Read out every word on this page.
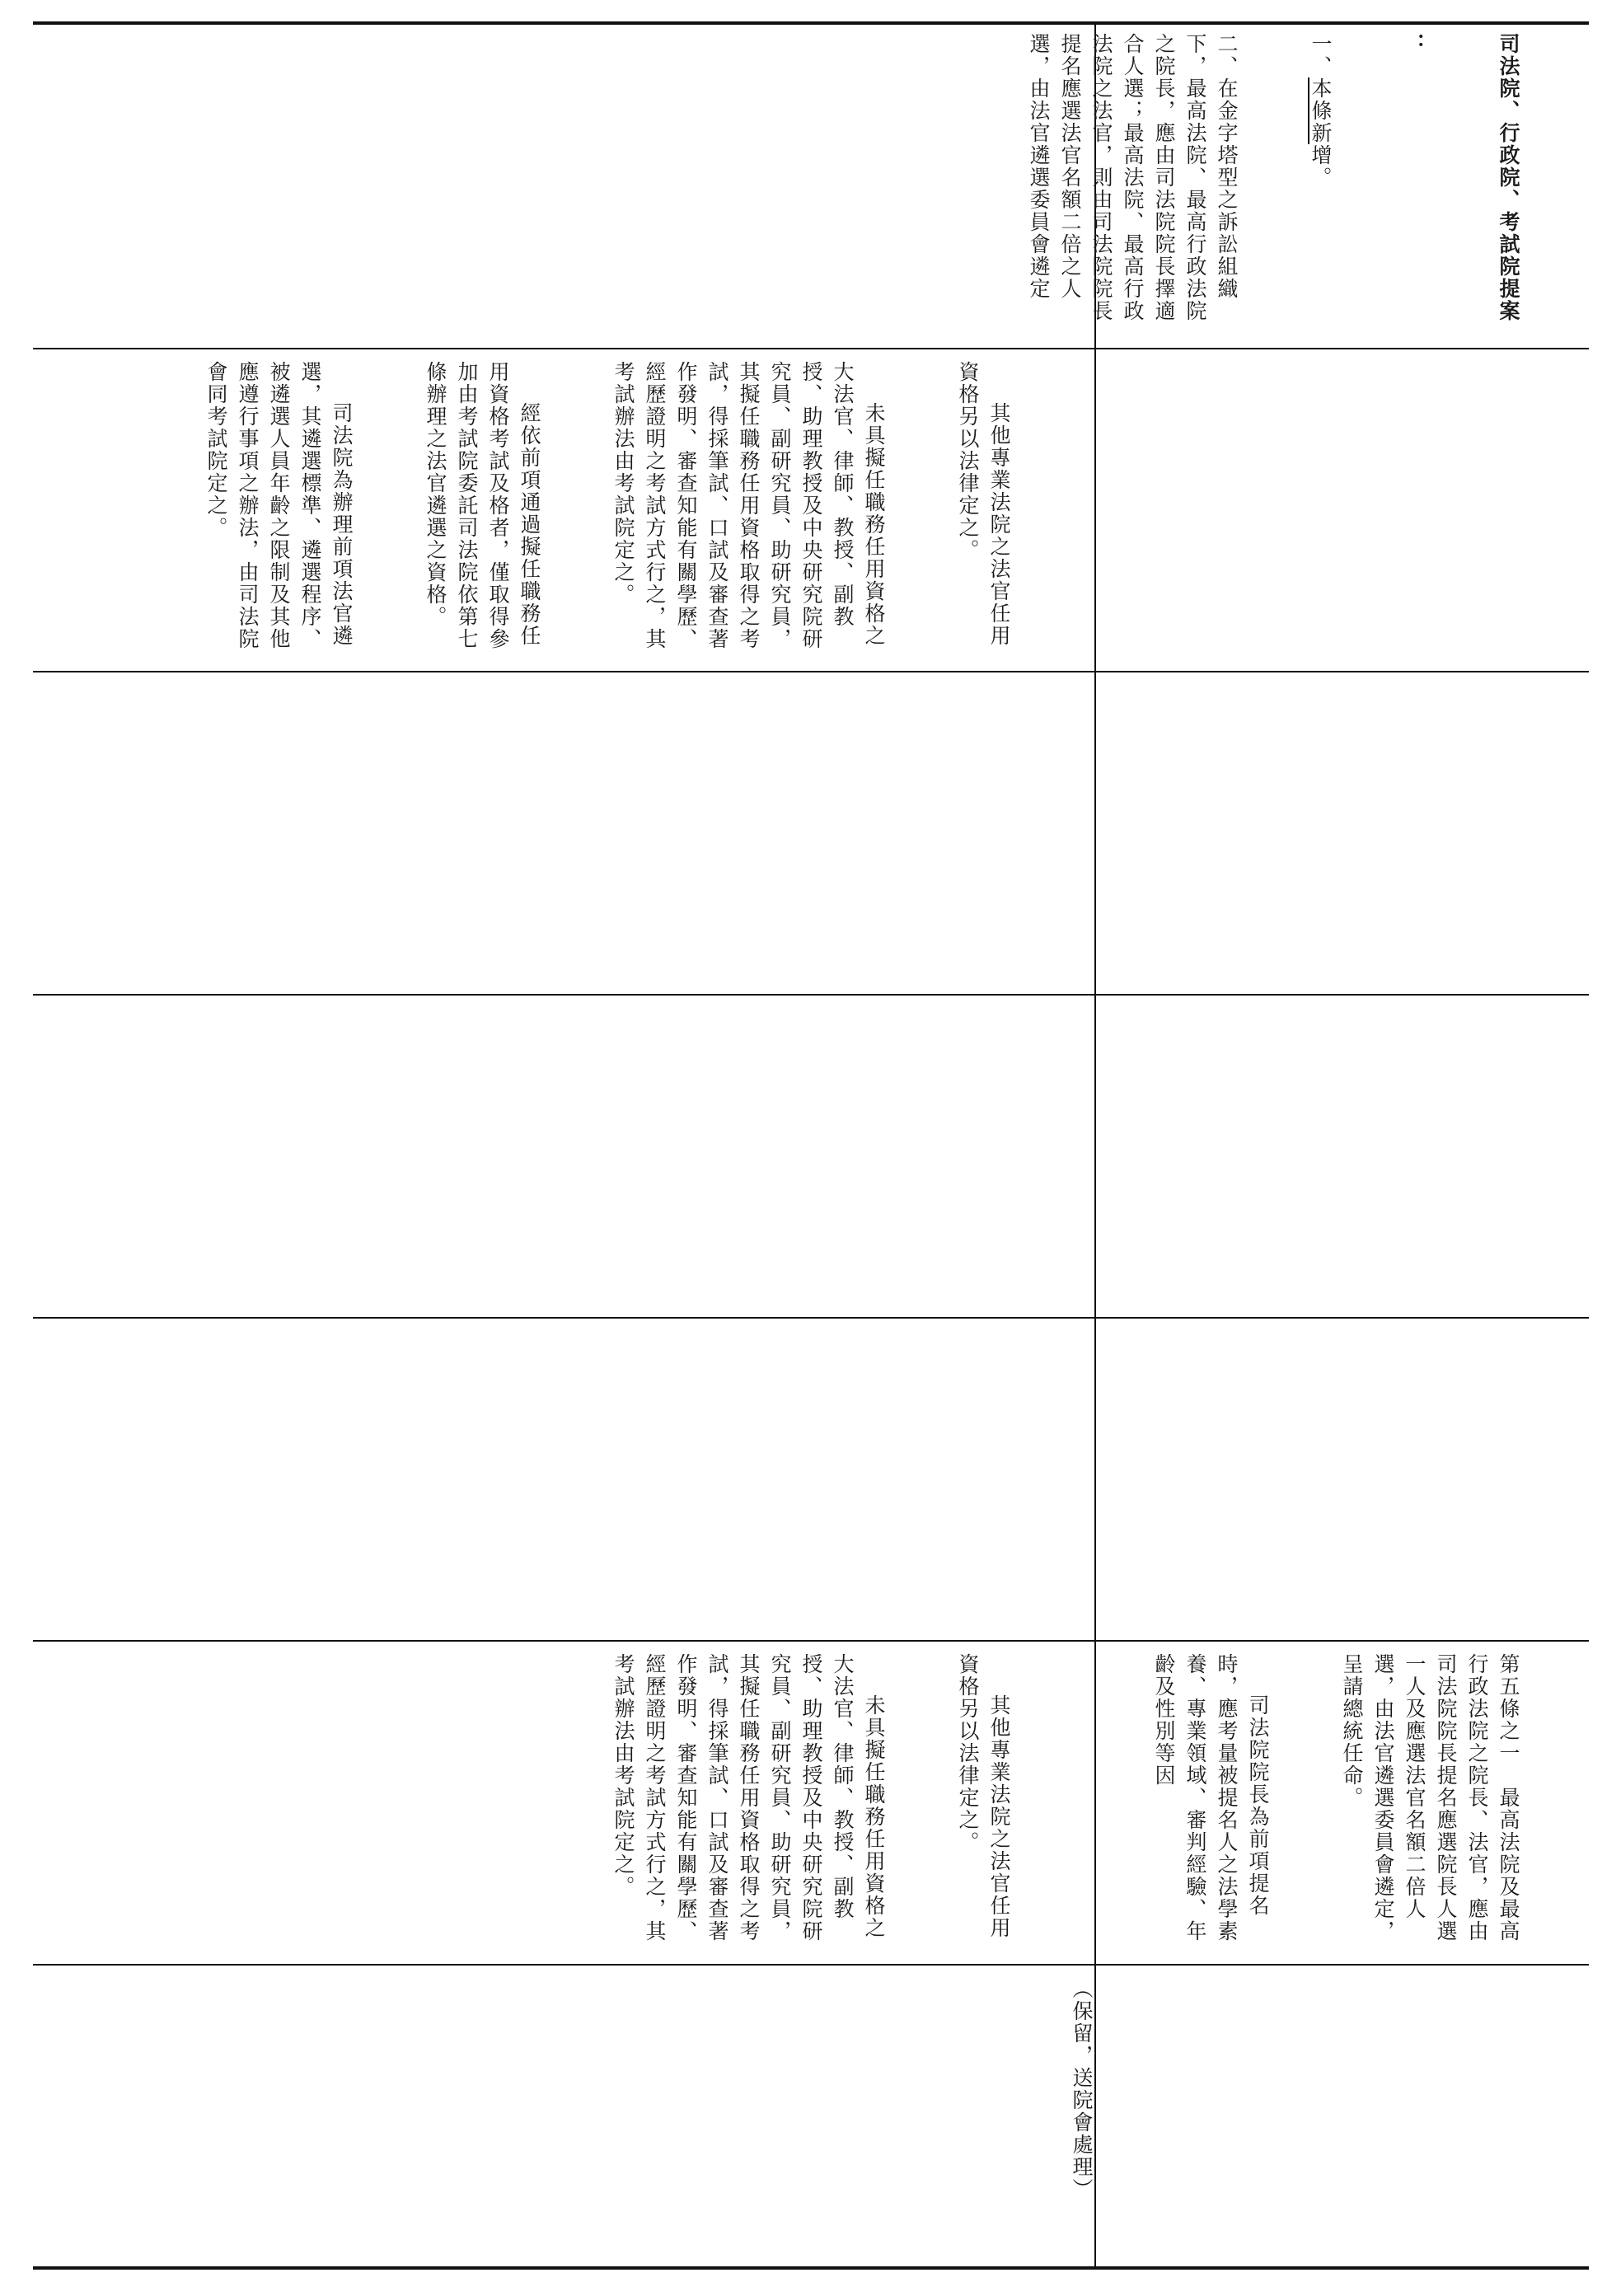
司法院、行政院、考試院提案

：

一、本條新增。

二、在金字塔型之訴訟組織下，最高法院、最高行政法院之院長，應由司法院院長擇適合人選；最高法院、最高行政法院之法官，則由司法院院長提名應選法官名額二倍之人選，由法官遴選委員會遴定

其他專業法院之法官任用資格另以法律定之。

未具擬任職務任用資格之大法官、律師、教授、副教授、助理教授及中央研究院研究員、副研究員、助研究員，其擬任職務任用資格取得之考試，得採筆試、口試及審查著作發明、審查知能有關學歷、經歷證明之考試方式行之，其考試辦法由考試院定之。

經依前項通過擬任職務任用資格考試及格者，僅取得參加由考試院委託司法院依第七條辦理之法官遴選之資格。

司法院為辦理前項法官遴選，其遴選標準、遴選程序、被遴選人員年齡之限制及其他應遵行事項之辦法，由司法院會同考試院定之。

其他專業法院之法官任用資格另以法律定之。

未具擬任職務任用資格之大法官、律師、教授、副教授、助理教授及中央研究院研究員、副研究員、助研究員，其擬任職務任用資格取得之考試，得採筆試、口試及審查著作發明、審查知能有關學歷、經歷證明之考試方式行之，其考試辦法由考試院定之。

	第五條之一　最高法院及最高行政法院之院長、法官，應由司法院院長提名應選院長人選一人及應選法官名額二倍人選，由法官遴選委員會遴定，呈請總統任命。

司法院院長為前項提名時，應考量被提名人之法學素養、專業領域、審判經驗、年齡及性別等因

（保留，送院會處理）
